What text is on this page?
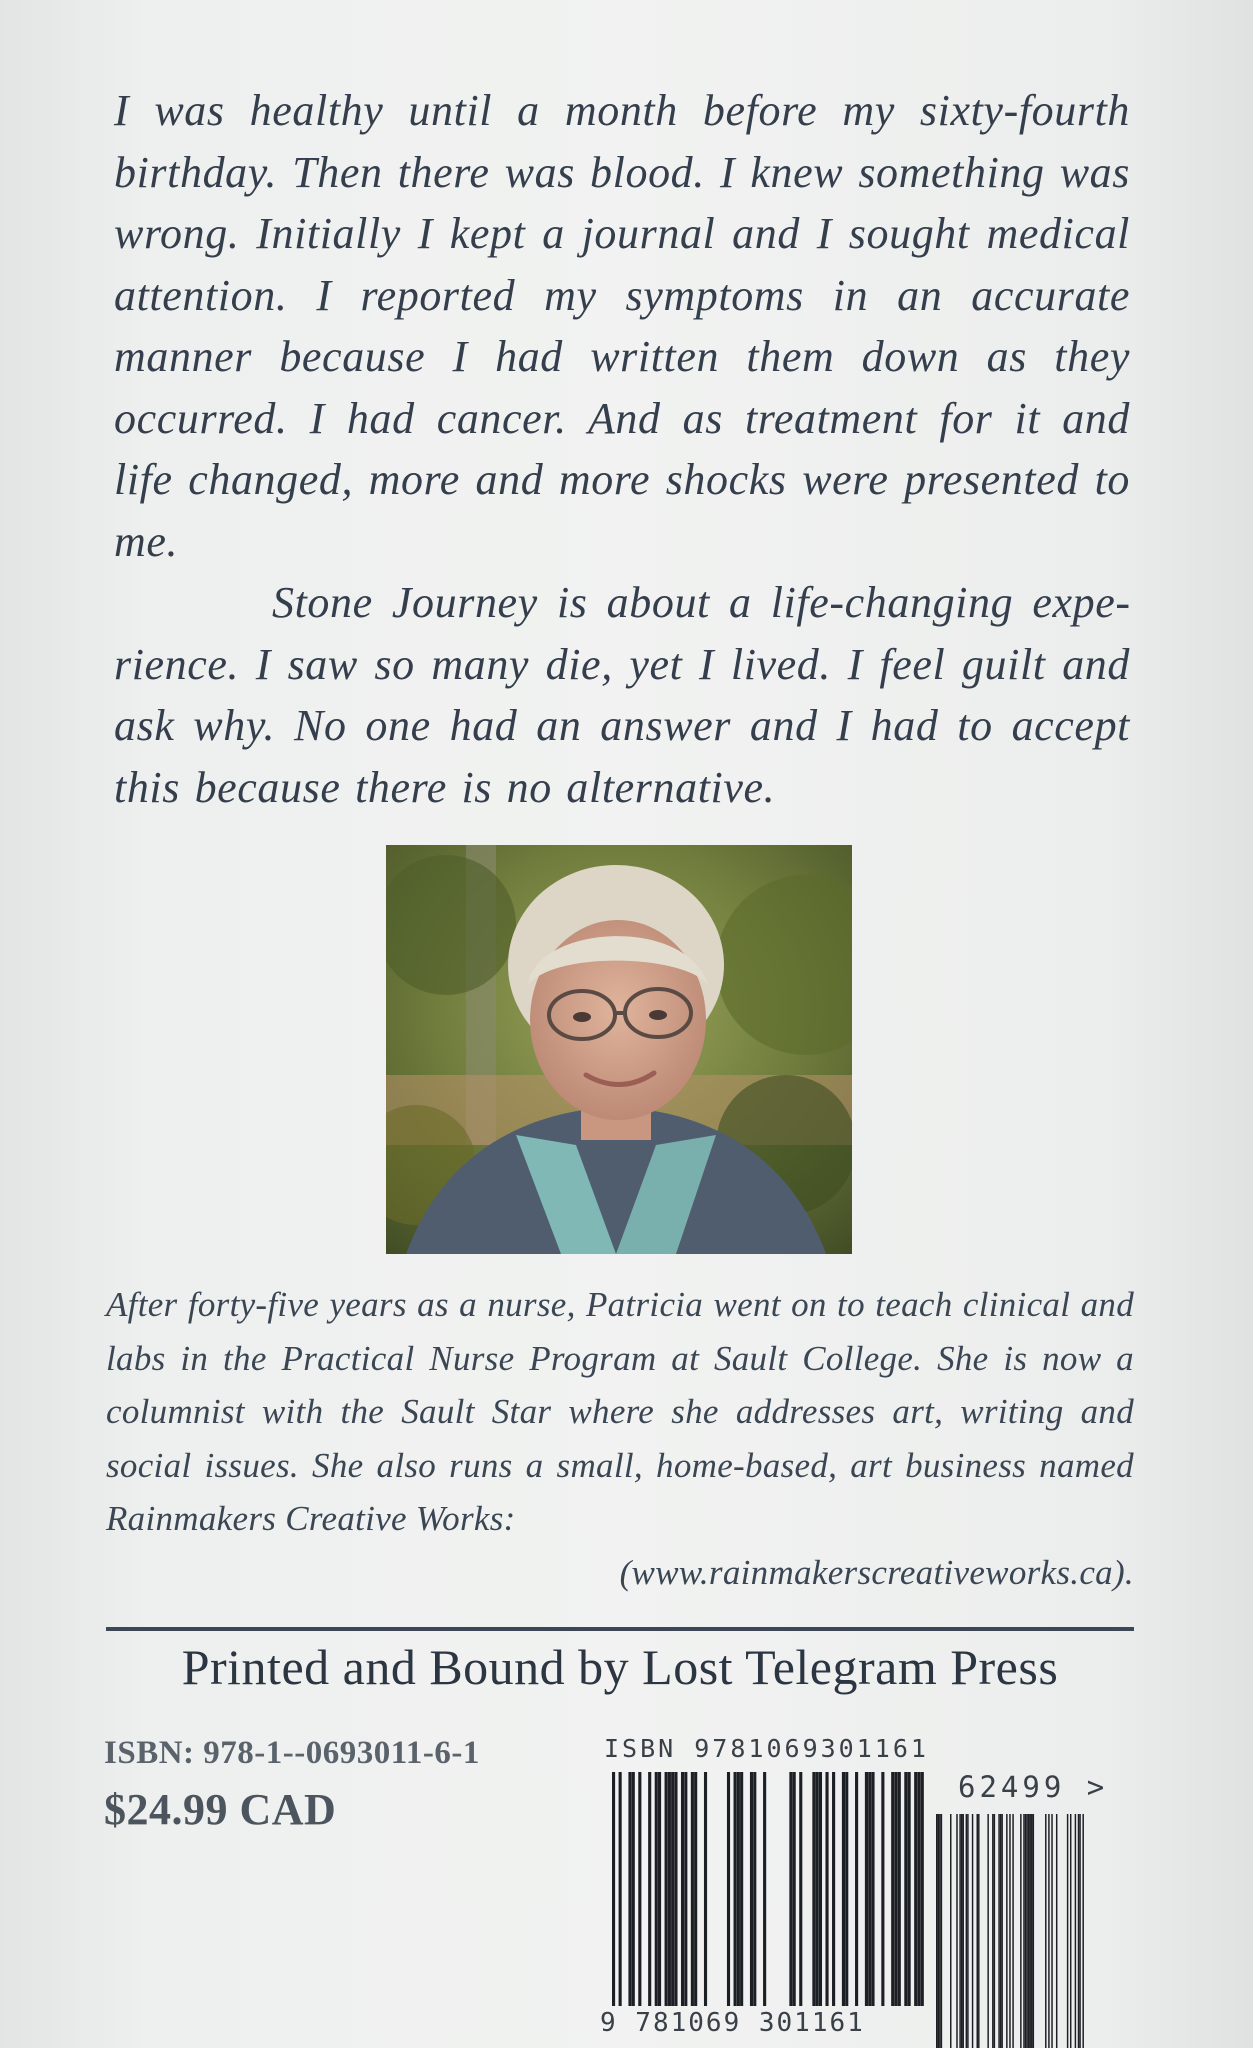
I was healthy until a month before my sixty-fourth birthday. Then there was blood. I knew something was wrong. Initially I kept a journal and I sought medical attention. I reported my symptoms in an accurate manner because I had written them down as they occurred. I had cancer. And as treatment for it and life changed, more and more shocks were presented to me.

Stone Journey is about a life-changing experience. I saw so many die, yet I lived. I feel guilt and ask why. No one had an answer and I had to accept this because there is no alternative.

After forty-five years as a nurse, Patricia went on to teach clinical and labs in the Practical Nurse Program at Sault College. She is now a columnist with the Sault Star where she addresses art, writing and social issues. She also runs a small, home-based, art business named Rainmakers Creative Works:
(www.rainmakerscreativeworks.ca).

Printed and Bound by Lost Telegram Press
ISBN: 978-1--0693011-6-1
$24.99 CAD
ISBN 9781069301161
9 781069 301161
62499 >
